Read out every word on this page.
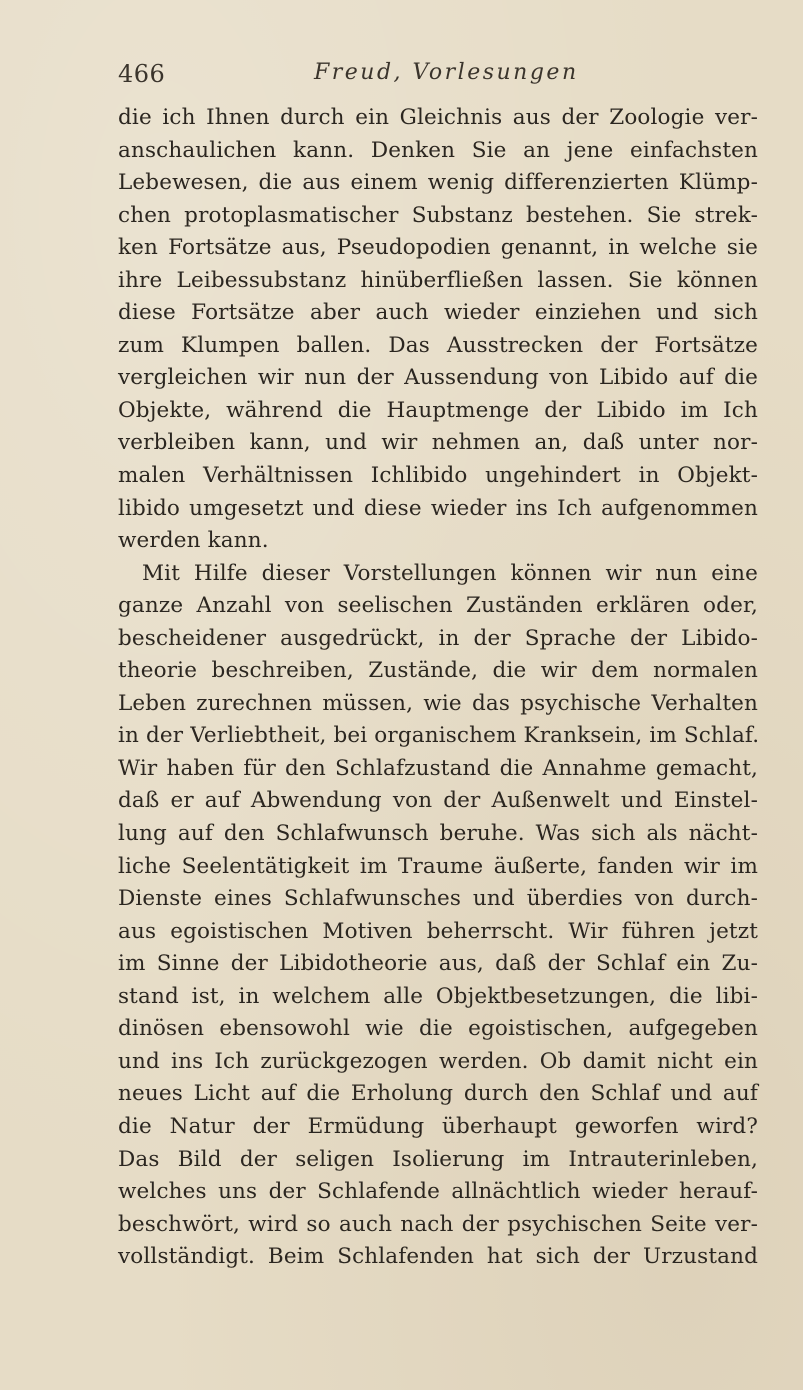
466	Freud, Vorlesungen
die ich Ihnen durch ein Gleichnis aus der Zoologie ver-
anschaulichen kann. Denken Sie an jene einfachsten
Lebewesen, die aus einem wenig differenzierten Klümp-
chen protoplasmatischer Substanz bestehen. Sie strek-
ken Fortsätze aus, Pseudopodien genannt, in welche sie
ihre Leibessubstanz hinüberfließen lassen. Sie können
diese Fortsätze aber auch wieder einziehen und sich
zum Klumpen ballen. Das Ausstrecken der Fortsätze
vergleichen wir nun der Aussendung von Libido auf die
Objekte, während die Hauptmenge der Libido im Ich
verbleiben kann, und wir nehmen an, daß unter nor-
malen Verhältnissen Ichlibido ungehindert in Objekt-
libido umgesetzt und diese wieder ins Ich aufgenommen
werden kann.
Mit Hilfe dieser Vorstellungen können wir nun eine
ganze Anzahl von seelischen Zuständen erklären oder,
bescheidener ausgedrückt, in der Sprache der Libido-
theorie beschreiben, Zustände, die wir dem normalen
Leben zurechnen müssen, wie das psychische Verhalten
in der Verliebtheit, bei organischem Kranksein, im Schlaf.
Wir haben für den Schlafzustand die Annahme gemacht,
daß er auf Abwendung von der Außenwelt und Einstel-
lung auf den Schlafwunsch beruhe. Was sich als nächt-
liche Seelentätigkeit im Traume äußerte, fanden wir im
Dienste eines Schlafwunsches und überdies von durch-
aus egoistischen Motiven beherrscht. Wir führen jetzt
im Sinne der Libidotheorie aus, daß der Schlaf ein Zu-
stand ist, in welchem alle Objektbesetzungen, die libi-
dinösen ebensowohl wie die egoistischen, aufgegeben
und ins Ich zurückgezogen werden. Ob damit nicht ein
neues Licht auf die Erholung durch den Schlaf und auf
die Natur der Ermüdung überhaupt geworfen wird?
Das Bild der seligen Isolierung im Intrauterinleben,
welches uns der Schlafende allnächtlich wieder herauf-
beschwört, wird so auch nach der psychischen Seite ver-
vollständigt. Beim Schlafenden hat sich der Urzustand
